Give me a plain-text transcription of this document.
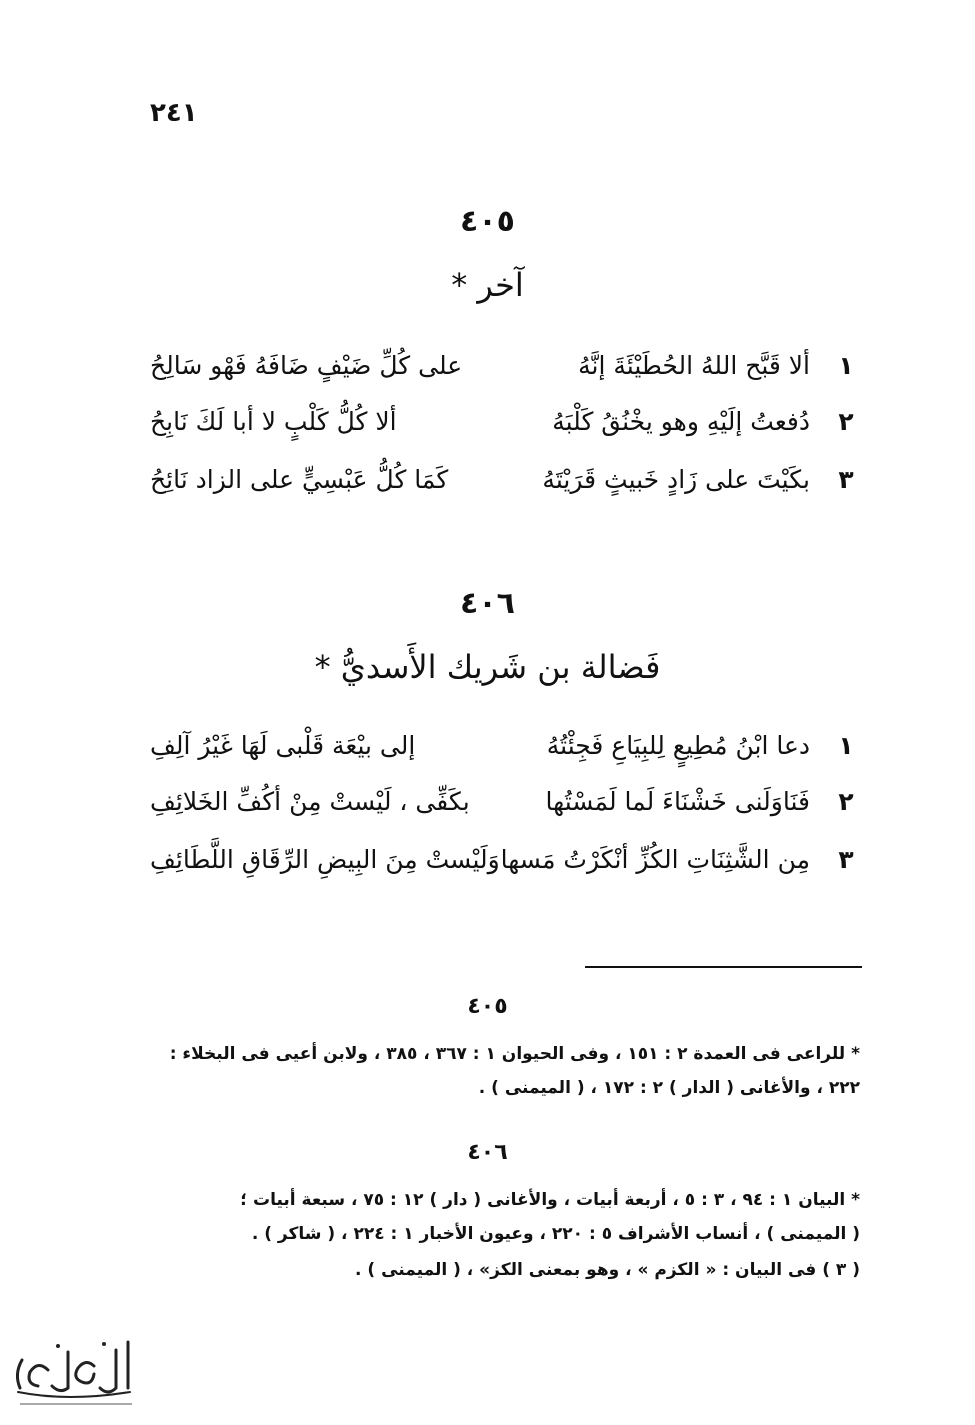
٢٤١
٤٠٥
آخر *
١
ألا قَبَّح اللهُ الحُطَيْئَةَ إنَّهُ
على كُلِّ ضَيْفٍ ضَافَهُ فَهْو سَالِحُ
٢
دُفعتُ إلَيْهِ وهو يخْنُقُ كَلْبَهُ
ألا كُلُّ كَلْبٍ لا أبا لَكَ نَابِحُ
٣
بكَيْتَ على زَادٍ خَبيثٍ قَرَيْتَهُ
كَمَا كُلُّ عَبْسِيٍّ على الزاد نَائِحُ
٤٠٦
فَضالة بن شَريك الأَسديُّ *
١
دعا ابْنُ مُطِيعٍ لِلبِيَاعِ فَجِئْتُهُ
إلى بيْعَة قَلْبى لَهَا غَيْرُ آلِفِ
٢
فَنَاوَلَنى خَشْنَاءَ لَما لَمَسْتُها
بكَفِّى ، لَيْستْ مِنْ أكُفِّ الخَلائِفِ
٣
مِن الشَّثِنَاتِ الكُزِّ أنْكَرْتُ مَسها
وَلَيْستْ مِنَ البِيضِ الرِّقَاقِ اللَّطَائِفِ
٤٠٥
* للراعى فى العمدة ٢ : ١٥١ ، وفى الحيوان ١ : ٣٦٧ ، ٣٨٥ ، ولابن أعيى فى البخلاء :
٢٢٢ ، والأغانى ( الدار ) ٢ : ١٧٢ ، ( الميمنى ) .
٤٠٦
* البيان ١ : ٩٤ ، ٣ : ٥ ، أربعة أبيات ، والأغانى ( دار ) ١٢ : ٧٥ ، سبعة أبيات ؛
( الميمنى ) ، أنساب الأشراف ٥ : ٢٢٠ ، وعيون الأخبار ١ : ٢٢٤ ، ( شاكر ) .
( ٣ ) فى البيان : « الكزم » ، وهو بمعنى الكز» ، ( الميمنى ) .
